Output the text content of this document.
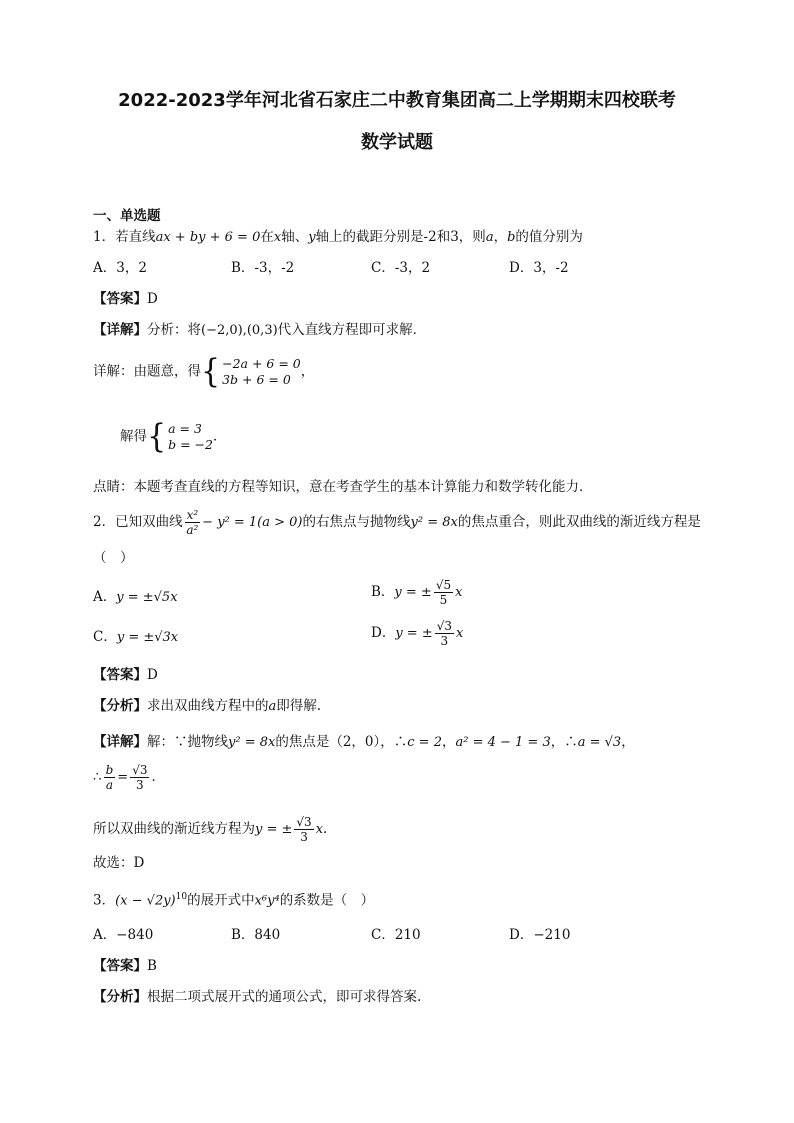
2022-2023学年河北省石家庄二中教育集团高二上学期期末四校联考
数学试题
一、单选题
1．若直线ax + by + 6 = 0在x轴、y轴上的截距分别是-2和3，则a，b的值分别为
A．3，2	B．-3，-2	C．-3，2	D．3，-2
【答案】D
【详解】分析：将(−2,0),(0,3)代入直线方程即可求解．
详解：由题意，得{ −2a + 6 = 0
3b + 6 = 0 ，
解得{ a = 3
b = −2 ．
点睛：本题考查直线的方程等知识，意在考查学生的基本计算能力和数学转化能力．
2．已知双曲线 $\frac{\text{x²}}{\text{a²}} - y^2 = 1(a > 0)$的右焦点与抛物线y² = 8x的焦点重合，则此双曲线的渐近线方程是
（　）
A．y = ±√5x	B．y = ± $\frac{√5}{5}$ x
C．y = ±√3x	D．y = ± $\frac{√3}{3}$ x
【答案】D
【分析】求出双曲线方程中的a即得解.
【详解】解：∵抛物线y² = 8x的焦点是（2，0），∴c = 2，a² = 4 − 1 = 3，∴a = √3，
∴ $\frac{b}{a} = \frac{√3}{3}$ ．
所以双曲线的渐近线方程为y = ± $\frac{√3}{3} x$.
故选：D
3．$(x - √2y)^{10}$的展开式中x⁶y⁴的系数是（　）
A．−840	B．840	C．210	D．−210
【答案】B
【分析】根据二项式展开式的通项公式，即可求得答案.
